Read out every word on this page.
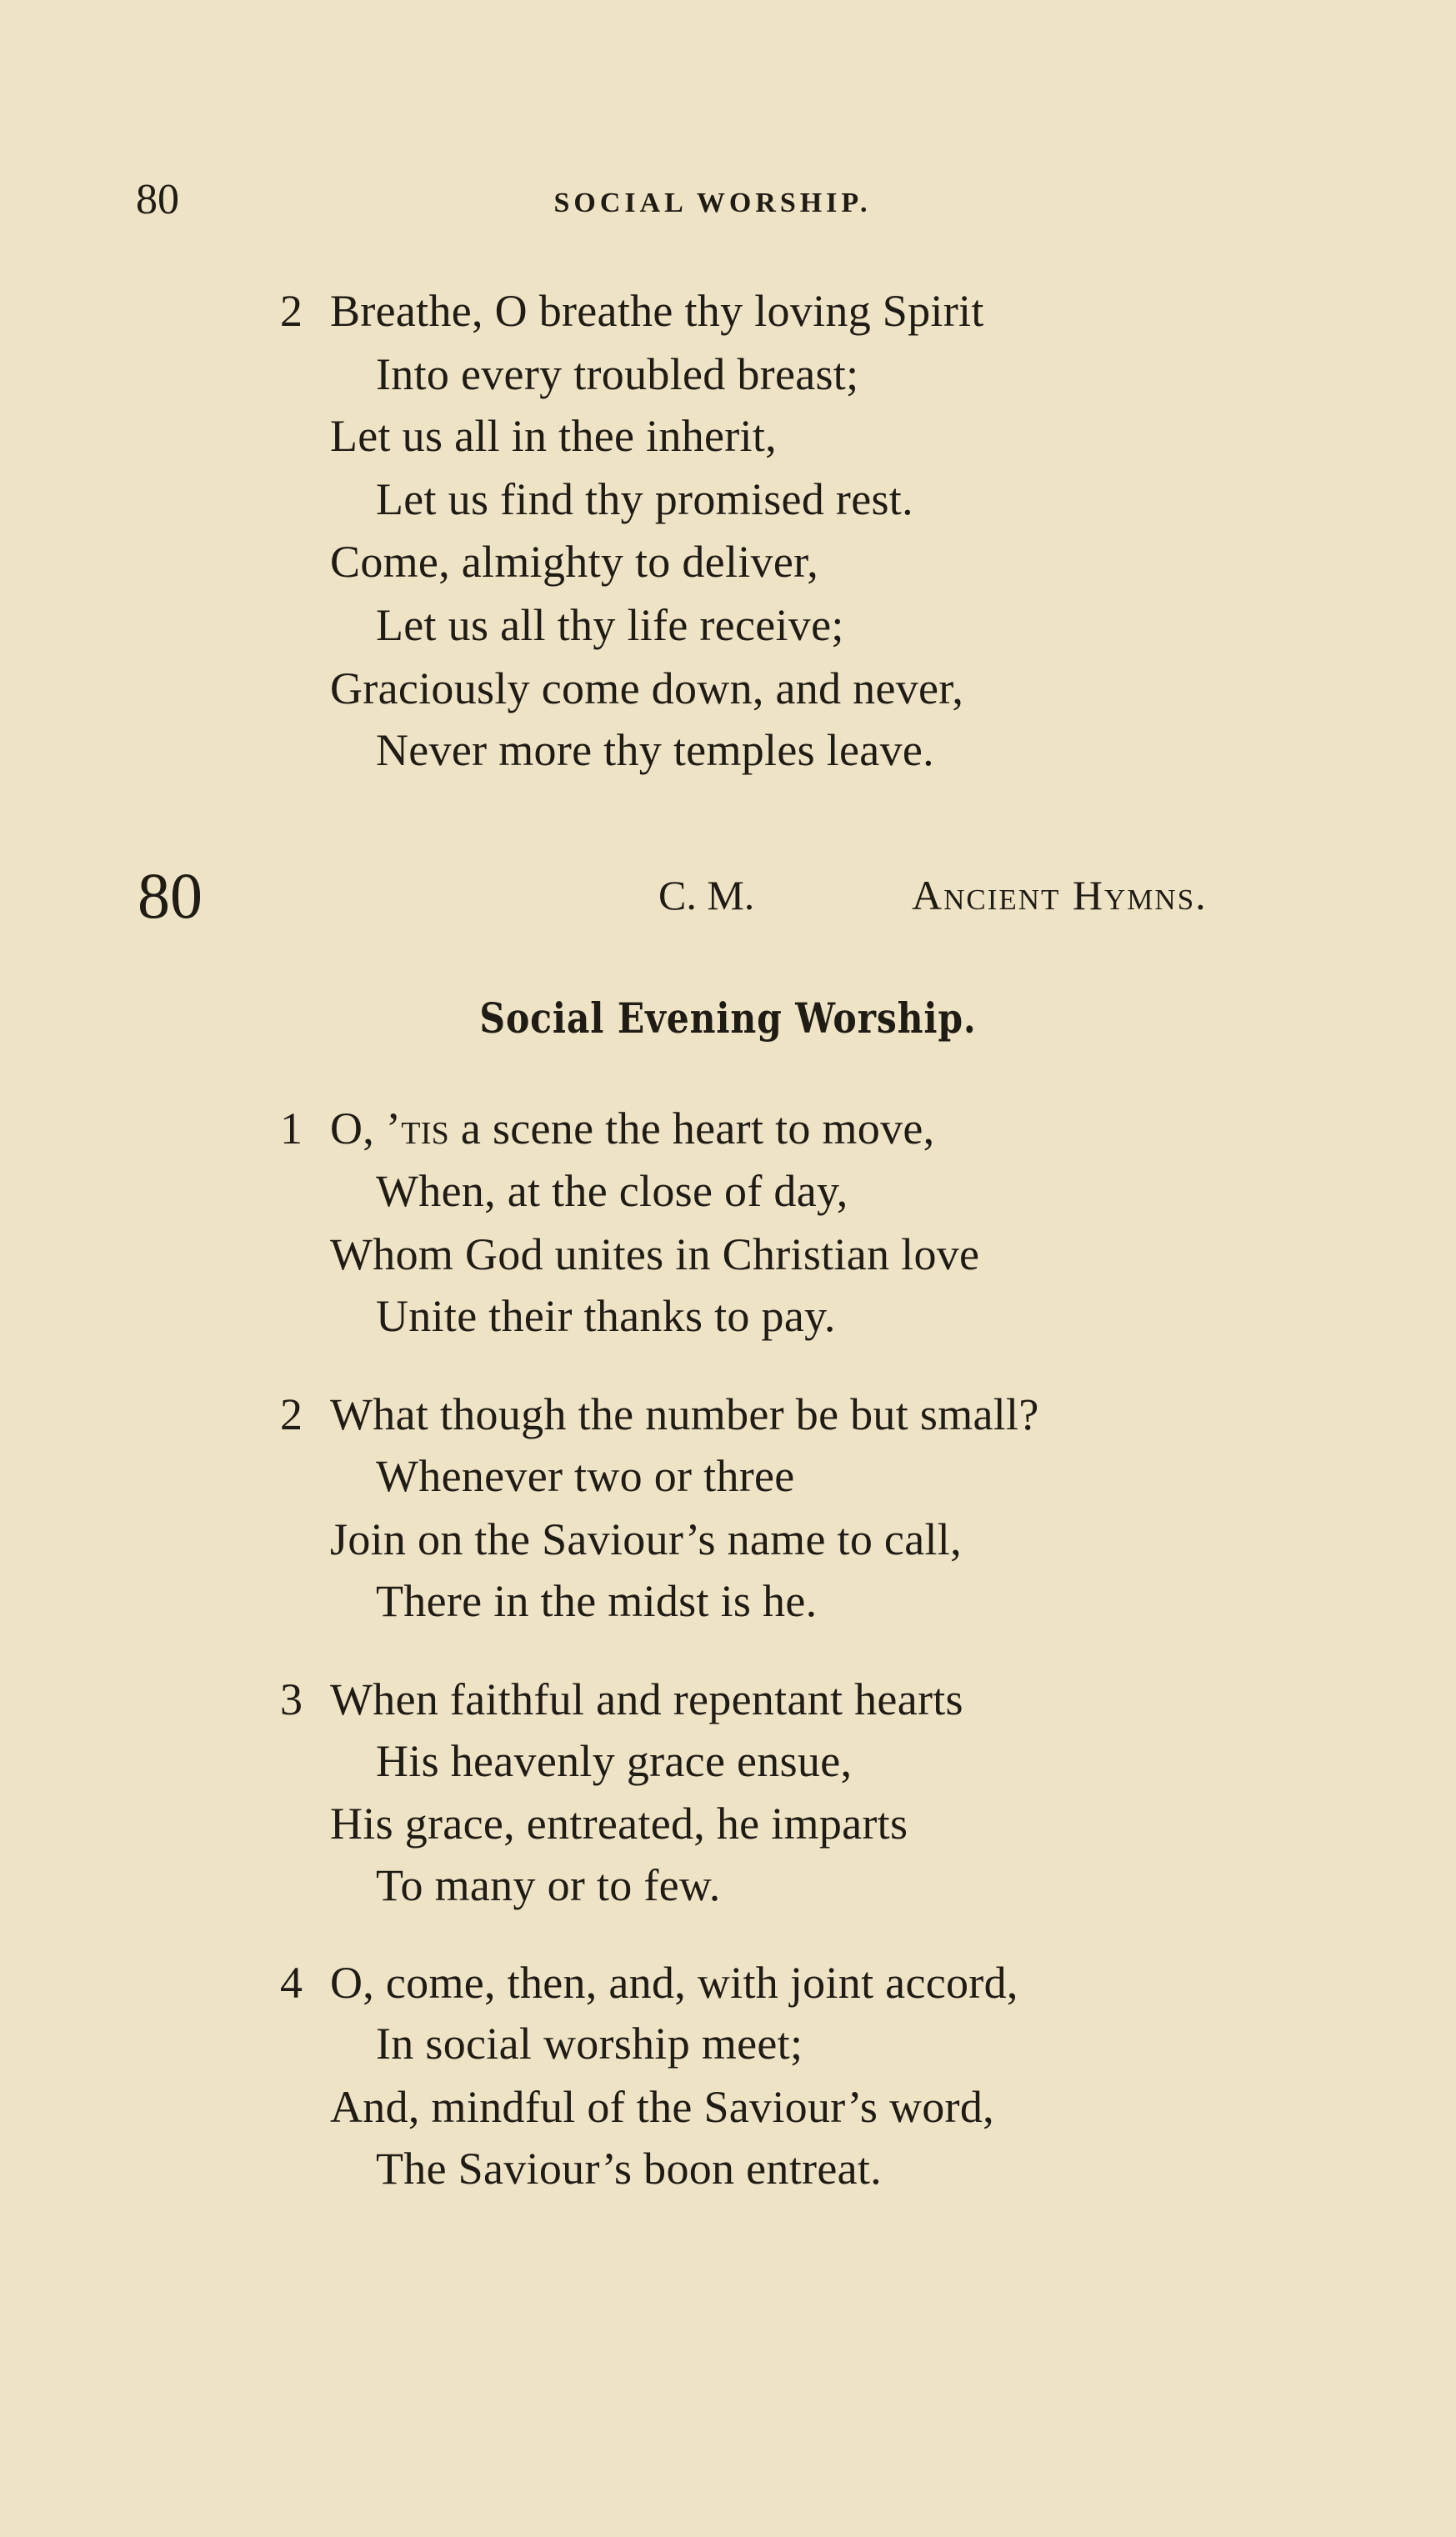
80	SOCIAL WORSHIP.
2 Breathe, O breathe thy loving Spirit
Into every troubled breast;
Let us all in thee inherit,
Let us find thy promised rest.
Come, almighty to deliver,
Let us all thy life receive;
Graciously come down, and never,
Never more thy temples leave.
80	C. M.	Ancient Hymns.
Social Evening Worship.
1 O, ’tis a scene the heart to move,
When, at the close of day,
Whom God unites in Christian love
Unite their thanks to pay.
2 What though the number be but small?
Whenever two or three
Join on the Saviour’s name to call,
There in the midst is he.
3 When faithful and repentant hearts
His heavenly grace ensue,
His grace, entreated, he imparts
To many or to few.
4 O, come, then, and, with joint accord,
In social worship meet;
And, mindful of the Saviour’s word,
The Saviour’s boon entreat.
